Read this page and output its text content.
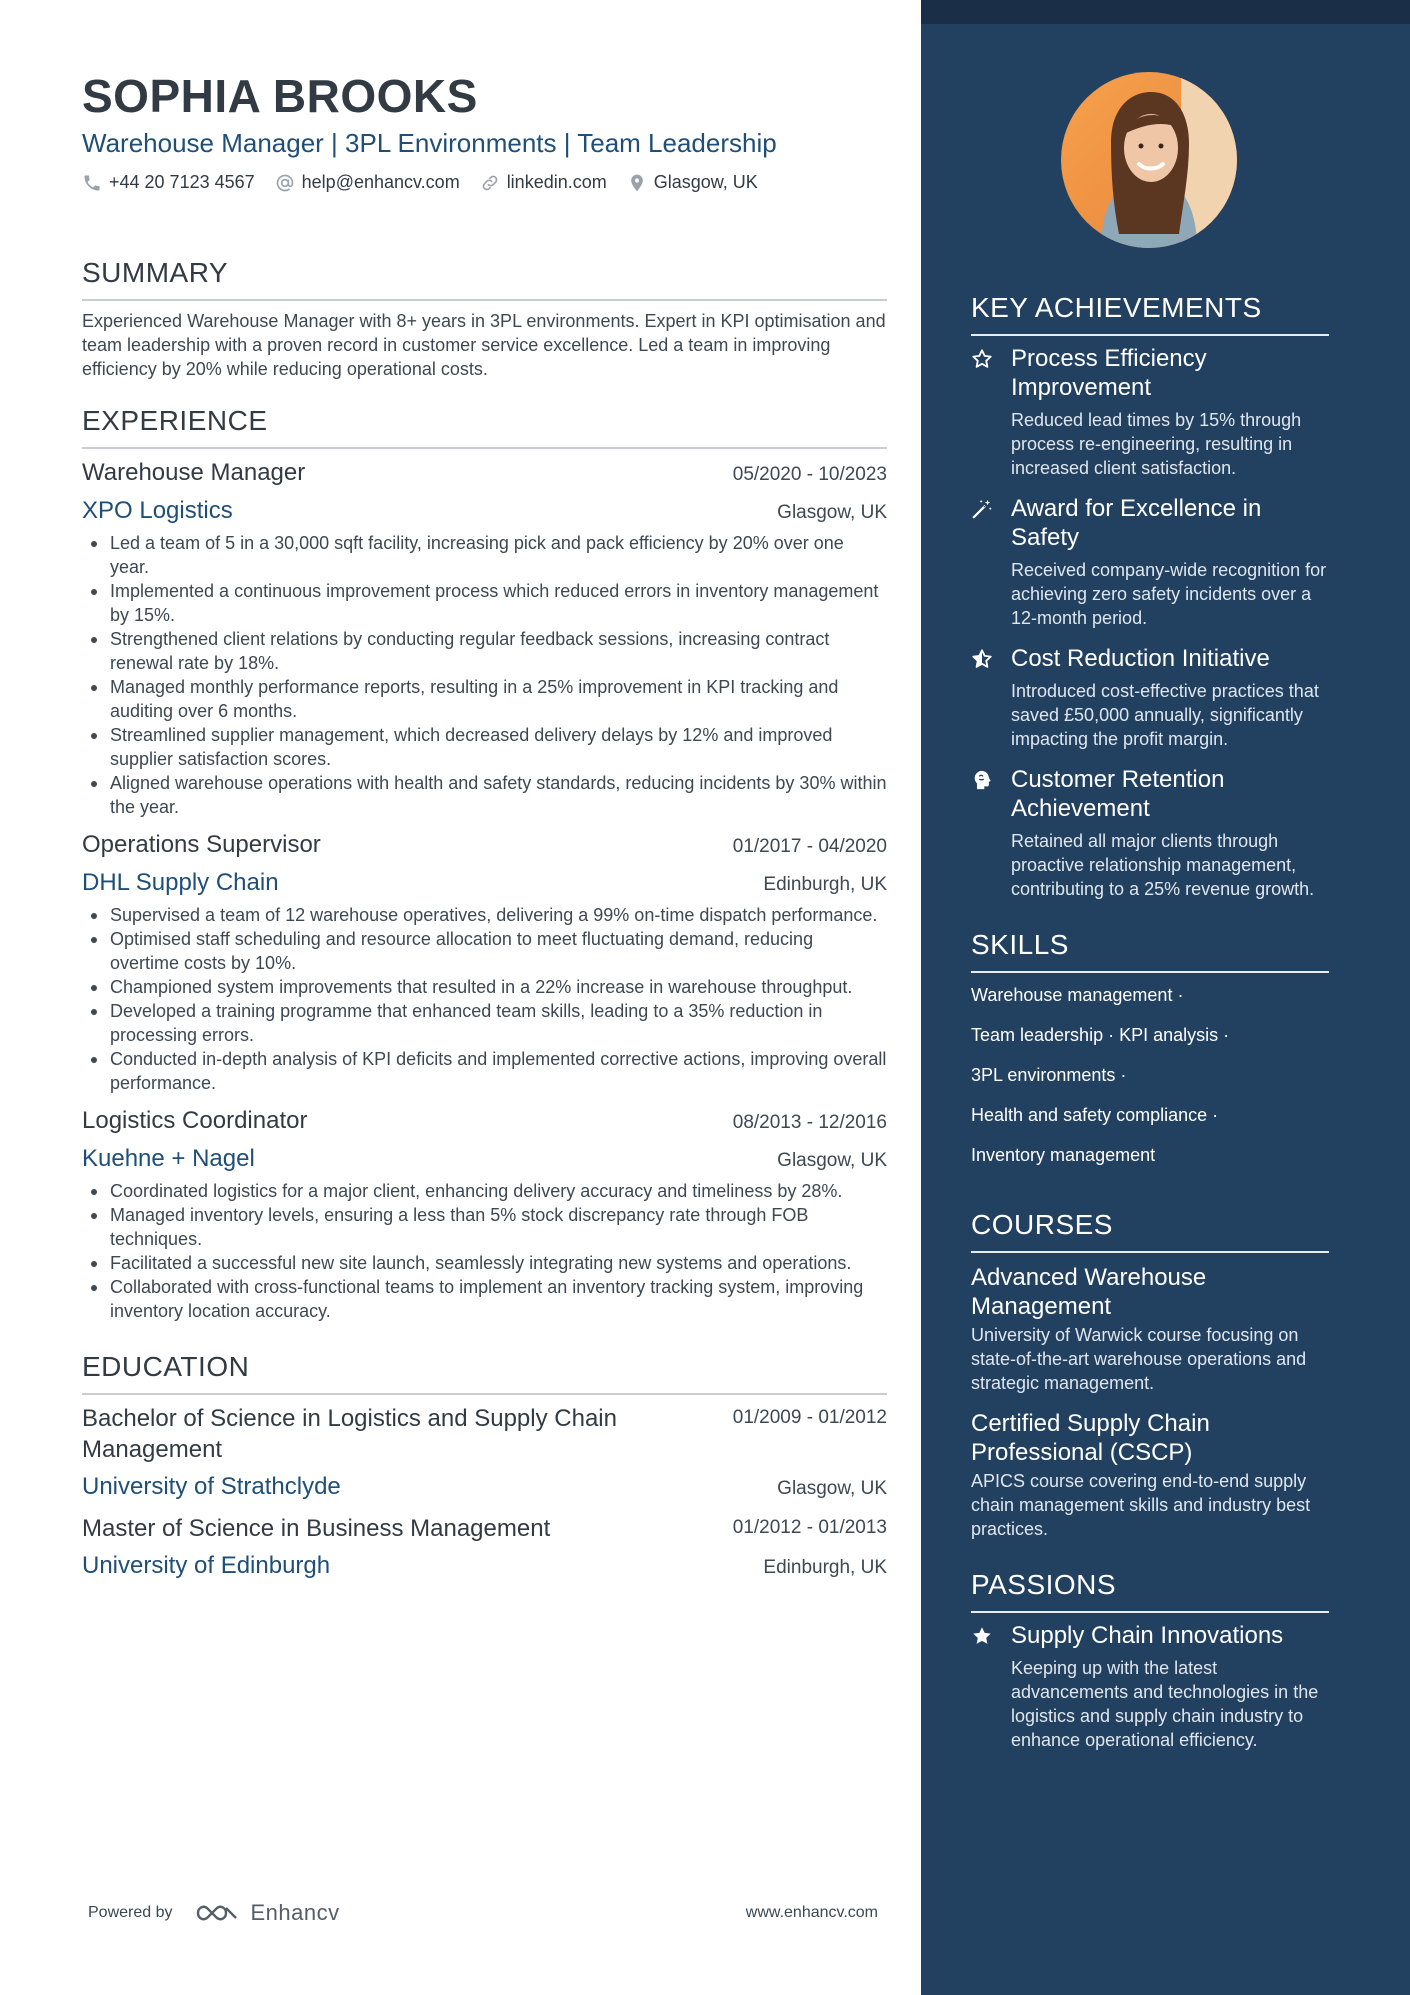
SOPHIA BROOKS
Warehouse Manager | 3PL Environments | Team Leadership
+44 20 7123 4567	help@enhancv.com	linkedin.com	Glasgow, UK
SUMMARY

Experienced Warehouse Manager with 8+ years in 3PL environments. Expert in KPI optimisation and team leadership with a proven record in customer service excellence. Led a team in improving efficiency by 20% while reducing operational costs.

EXPERIENCE
Warehouse Manager	05/2020 - 10/2023
XPO Logistics	Glasgow, UK
Led a team of 5 in a 30,000 sqft facility, increasing pick and pack efficiency by 20% over one year.
Implemented a continuous improvement process which reduced errors in inventory management by 15%.
Strengthened client relations by conducting regular feedback sessions, increasing contract renewal rate by 18%.
Managed monthly performance reports, resulting in a 25% improvement in KPI tracking and auditing over 6 months.
Streamlined supplier management, which decreased delivery delays by 12% and improved supplier satisfaction scores.
Aligned warehouse operations with health and safety standards, reducing incidents by 30% within the year.
Operations Supervisor	01/2017 - 04/2020
DHL Supply Chain	Edinburgh, UK
Supervised a team of 12 warehouse operatives, delivering a 99% on-time dispatch performance.
Optimised staff scheduling and resource allocation to meet fluctuating demand, reducing overtime costs by 10%.
Championed system improvements that resulted in a 22% increase in warehouse throughput.
Developed a training programme that enhanced team skills, leading to a 35% reduction in processing errors.
Conducted in-depth analysis of KPI deficits and implemented corrective actions, improving overall performance.
Logistics Coordinator	08/2013 - 12/2016
Kuehne + Nagel	Glasgow, UK
Coordinated logistics for a major client, enhancing delivery accuracy and timeliness by 28%.
Managed inventory levels, ensuring a less than 5% stock discrepancy rate through FOB techniques.
Facilitated a successful new site launch, seamlessly integrating new systems and operations.
Collaborated with cross-functional teams to implement an inventory tracking system, improving inventory location accuracy.
EDUCATION
Bachelor of Science in Logistics and Supply Chain Management
01/2009 - 01/2012
University of Strathclyde	Glasgow, UK
Master of Science in Business Management	01/2012 - 01/2013
University of Edinburgh	Edinburgh, UK
Powered by	Enhancv	www.enhancv.com
KEY ACHIEVEMENTS
Process Efficiency Improvement
Reduced lead times by 15% through process re-engineering, resulting in increased client satisfaction.
Award for Excellence in Safety
Received company-wide recognition for achieving zero safety incidents over a 12-month period.
Cost Reduction Initiative
Introduced cost-effective practices that saved £50,000 annually, significantly impacting the profit margin.
Customer Retention Achievement
Retained all major clients through proactive relationship management, contributing to a 25% revenue growth.
SKILLS
Warehouse management ·
Team leadership · KPI analysis ·
3PL environments ·
Health and safety compliance ·
Inventory management
COURSES
Advanced Warehouse Management
University of Warwick course focusing on state-of-the-art warehouse operations and strategic management.
Certified Supply Chain Professional (CSCP)
APICS course covering end-to-end supply chain management skills and industry best practices.
PASSIONS
Supply Chain Innovations
Keeping up with the latest advancements and technologies in the logistics and supply chain industry to enhance operational efficiency.
